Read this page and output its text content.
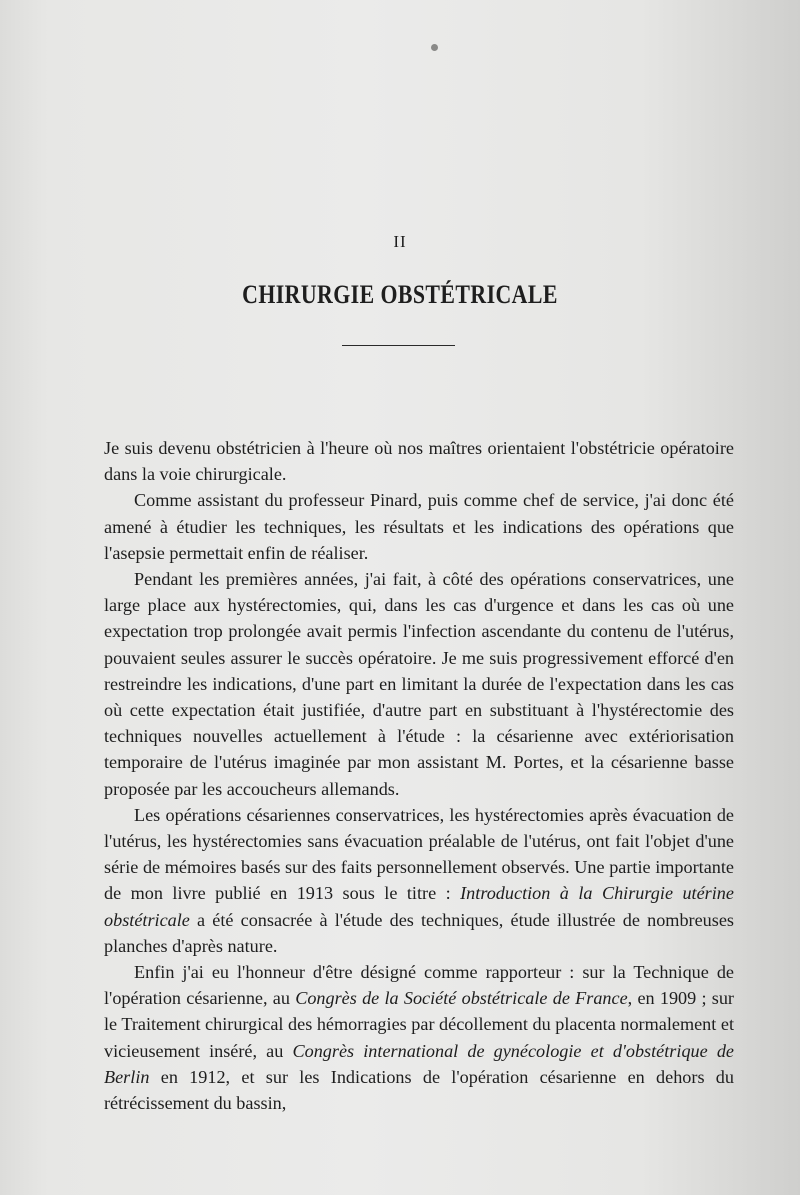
II
CHIRURGIE OBSTÉTRICALE

Je suis devenu obstétricien à l'heure où nos maîtres orientaient l'obstétricie opératoire dans la voie chirurgicale.

Comme assistant du professeur Pinard, puis comme chef de service, j'ai donc été amené à étudier les techniques, les résultats et les indications des opérations que l'asepsie permettait enfin de réaliser.

Pendant les premières années, j'ai fait, à côté des opérations conservatrices, une large place aux hystérectomies, qui, dans les cas d'urgence et dans les cas où une expectation trop prolongée avait permis l'infection ascendante du contenu de l'utérus, pouvaient seules assurer le succès opératoire. Je me suis progressivement efforcé d'en restreindre les indications, d'une part en limitant la durée de l'expectation dans les cas où cette expectation était justifiée, d'autre part en substituant à l'hystérectomie des techniques nouvelles actuellement à l'étude : la césarienne avec extériorisation temporaire de l'utérus imaginée par mon assistant M. Portes, et la césarienne basse proposée par les accoucheurs allemands.

Les opérations césariennes conservatrices, les hystérectomies après évacuation de l'utérus, les hystérectomies sans évacuation préalable de l'utérus, ont fait l'objet d'une série de mémoires basés sur des faits personnellement observés. Une partie importante de mon livre publié en 1913 sous le titre : Introduction à la Chirurgie utérine obstétricale a été consacrée à l'étude des techniques, étude illustrée de nombreuses planches d'après nature.

Enfin j'ai eu l'honneur d'être désigné comme rapporteur : sur la Technique de l'opération césarienne, au Congrès de la Société obstétricale de France, en 1909 ; sur le Traitement chirurgical des hémorragies par décollement du placenta normalement et vicieusement inséré, au Congrès international de gynécologie et d'obstétrique de Berlin en 1912, et sur les Indications de l'opération césarienne en dehors du rétrécissement du bassin,
